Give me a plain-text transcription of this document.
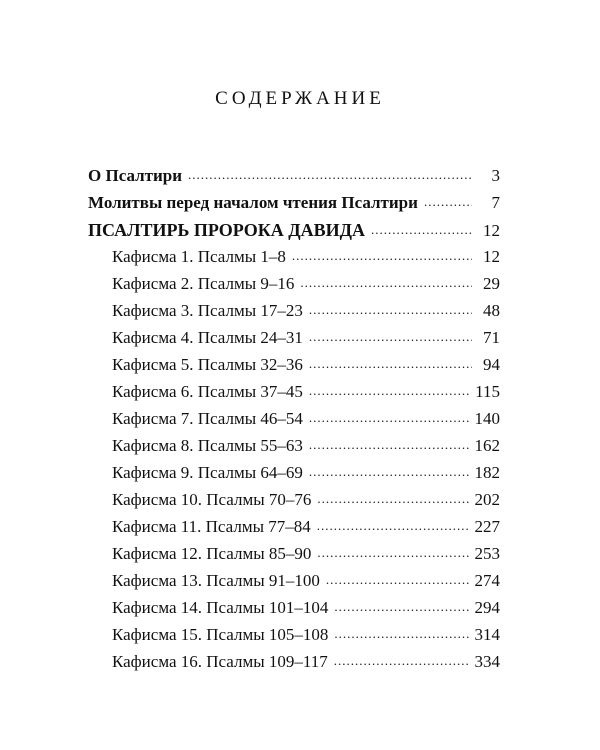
СОДЕРЖАНИЕ
О Псалтири .....	3
Молитвы перед началом чтения Псалтири .....	7
ПСАЛТИРЬ ПРОРОКА ДАВИДА .....	12
Кафисма 1. Псалмы 1–8 .....	12
Кафисма 2. Псалмы 9–16 .....	29
Кафисма 3. Псалмы 17–23 .....	48
Кафисма 4. Псалмы 24–31 .....	71
Кафисма 5. Псалмы 32–36 .....	94
Кафисма 6. Псалмы 37–45 .....	115
Кафисма 7. Псалмы 46–54 .....	140
Кафисма 8. Псалмы 55–63 .....	162
Кафисма 9. Псалмы 64–69 .....	182
Кафисма 10. Псалмы 70–76 .....	202
Кафисма 11. Псалмы 77–84 .....	227
Кафисма 12. Псалмы 85–90 .....	253
Кафисма 13. Псалмы 91–100 .....	274
Кафисма 14. Псалмы 101–104 .....	294
Кафисма 15. Псалмы 105–108 .....	314
Кафисма 16. Псалмы 109–117 .....	334
